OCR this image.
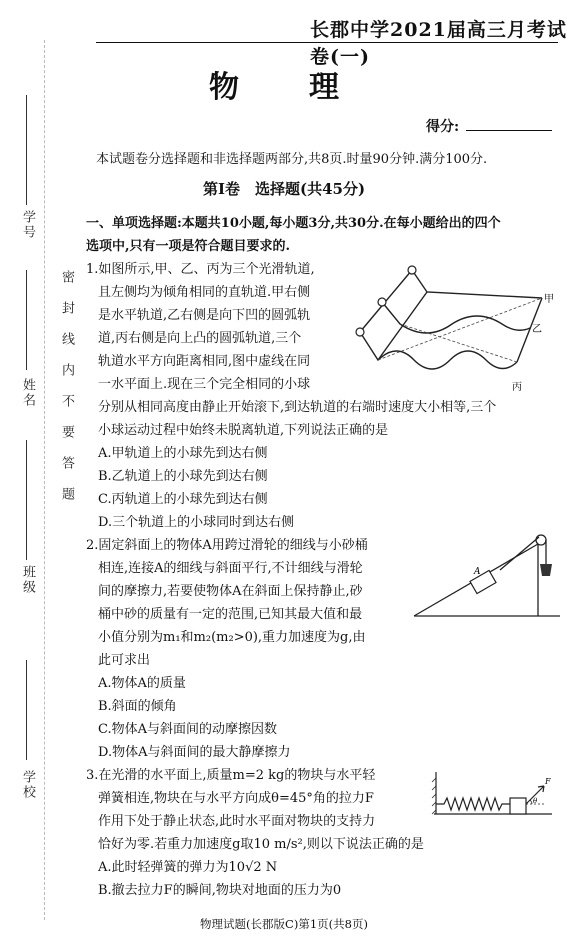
学号
姓名
班级
学校
密封线内不要答题
长郡中学2021届高三月考试卷(一)
物　理
得分:
本试题卷分选择题和非选择题两部分,共8页.时量90分钟.满分100分.
第Ⅰ卷　选择题(共45分)
一、单项选择题:本题共10小题,每小题3分,共30分.在每小题给出的四个
选项中,只有一项是符合题目要求的.
1.如图所示,甲、乙、丙为三个光滑轨道,
且左侧均为倾角相同的直轨道.甲右侧
是水平轨道,乙右侧是向下凹的圆弧轨
道,丙右侧是向上凸的圆弧轨道,三个
轨道水平方向距离相同,图中虚线在同
一水平面上.现在三个完全相同的小球
分别从相同高度由静止开始滚下,到达轨道的右端时速度大小相等,三个
小球运动过程中始终未脱离轨道,下列说法正确的是
A.甲轨道上的小球先到达右侧
B.乙轨道上的小球先到达右侧
C.丙轨道上的小球先到达右侧
D.三个轨道上的小球同时到达右侧
甲
乙
丙
2.固定斜面上的物体A用跨过滑轮的细线与小砂桶
相连,连接A的细线与斜面平行,不计细线与滑轮
间的摩擦力,若要使物体A在斜面上保持静止,砂
桶中砂的质量有一定的范围,已知其最大值和最
小值分别为m₁和m₂(m₂>0),重力加速度为g,由
此可求出
A.物体A的质量
B.斜面的倾角
C.物体A与斜面间的动摩擦因数
D.物体A与斜面间的最大静摩擦力
A
3.在光滑的水平面上,质量m=2 kg的物块与水平轻
弹簧相连,物块在与水平方向成θ=45°角的拉力F
作用下处于静止状态,此时水平面对物块的支持力
恰好为零.若重力加速度g取10 m/s²,则以下说法正确的是
A.此时轻弹簧的弹力为10√2 N
B.撤去拉力F的瞬间,物块对地面的压力为0
F
θ
物理试题(长郡版C)第1页(共8页)
